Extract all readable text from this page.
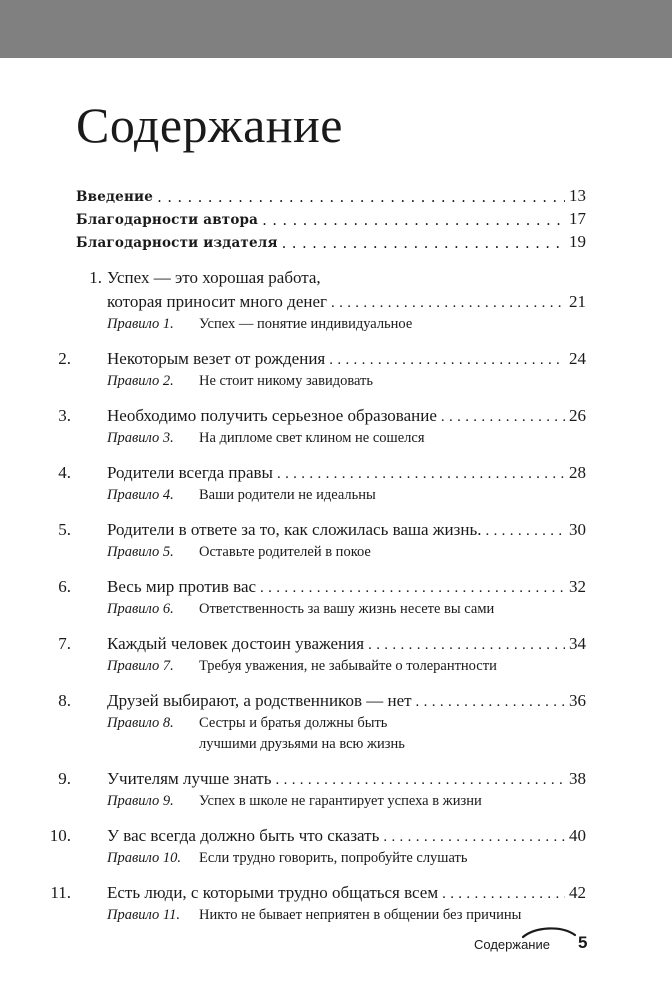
Содержание
Введение . . .	13
Благодарности автора . . .	17
Благодарности издателя . . .	19
1. Успех — это хорошая работа,
которая приносит много денег . . .	21
Правило 1.	Успех — понятие индивидуальное
2. Некоторым везет от рождения . . .	24
Правило 2.	Не стоит никому завидовать
3. Необходимо получить серьезное образование . . .	26
Правило 3.	На дипломе свет клином не сошелся
4. Родители всегда правы . . .	28
Правило 4.	Ваши родители не идеальны
5. Родители в ответе за то, как сложилась ваша жизнь. . . .	30
Правило 5.	Оставьте родителей в покое
6. Весь мир против вас . . .	32
Правило 6.	Ответственность за вашу жизнь несете вы сами
7. Каждый человек достоин уважения . . .	34
Правило 7.	Требуя уважения, не забывайте о толерантности
8. Друзей выбирают, а родственников — нет . . .	36
Правило 8.	Сестры и братья должны быть
лучшими друзьями на всю жизнь
9. Учителям лучше знать . . .	38
Правило 9.	Успех в школе не гарантирует успеха в жизни
10. У вас всегда должно быть что сказать . . .	40
Правило 10.	Если трудно говорить, попробуйте слушать
11. Есть люди, с которыми трудно общаться всем . . .	42
Правило 11.	Никто не бывает неприятен в общении без причины
Содержание 5
